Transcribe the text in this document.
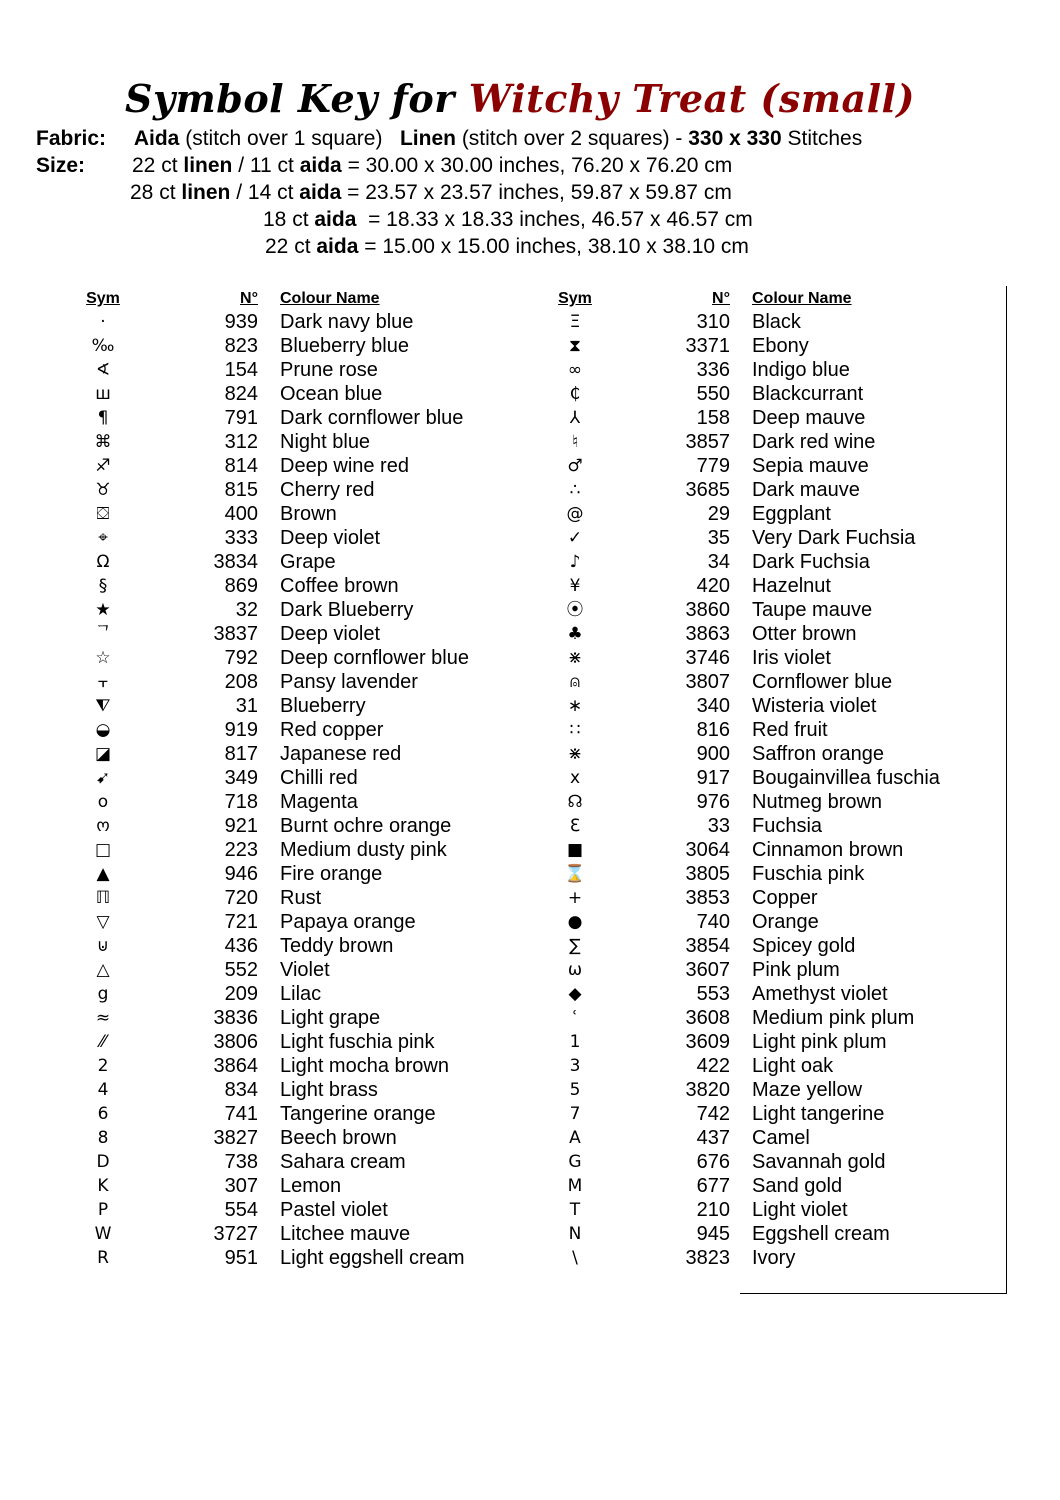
Symbol Key for Witchy Treat (small)
Fabric: Aida (stitch over 1 square) Linen (stitch over 2 squares) - 330 x 330 Stitches
Size: 22 ct linen / 11 ct aida = 30.00 x 30.00 inches, 76.20 x 76.20 cm
28 ct linen / 14 ct aida = 23.57 x 23.57 inches, 59.87 x 59.87 cm
18 ct aida  = 18.33 x 18.33 inches, 46.57 x 46.57 cm
22 ct aida = 15.00 x 15.00 inches, 38.10 x 38.10 cm
Sym	N°	Colour Name
·	939	Dark navy blue
‰	823	Blueberry blue
∢	154	Prune rose
ш	824	Ocean blue
¶	791	Dark cornflower blue
⌘	312	Night blue
♐	814	Deep wine red
♉	815	Cherry red
⛋	400	Brown
⌖	333	Deep violet
Ω	3834	Grape
§	869	Coffee brown
★	32	Dark Blueberry
ᄀ	3837	Deep violet
☆	792	Deep cornflower blue
⫟	208	Pansy lavender
⧨	31	Blueberry
◒	919	Red copper
◪	817	Japanese red
➹	349	Chilli red
o	718	Magenta
ო	921	Burnt ochre orange
□	223	Medium dusty pink
▲	946	Fire orange
ℿ	720	Rust
▽	721	Papaya orange
⊍	436	Teddy brown
△	552	Violet
g	209	Lilac
≈	3836	Light grape
⁄⁄	3806	Light fuschia pink
2	3864	Light mocha brown
4	834	Light brass
6	741	Tangerine orange
8	3827	Beech brown
D	738	Sahara cream
K	307	Lemon
P	554	Pastel violet
W	3727	Litchee mauve
R	951	Light eggshell cream
Sym	N°	Colour Name
Ξ	310	Black
⧗	3371	Ebony
∞	336	Indigo blue
₵	550	Blackcurrant
⅄	158	Deep mauve
♮	3857	Dark red wine
♂	779	Sepia mauve
∴	3685	Dark mauve
@	29	Eggplant
✓	35	Very Dark Fuchsia
♪	34	Dark Fuchsia
¥	420	Hazelnut
⦿	3860	Taupe mauve
♣	3863	Otter brown
⋇	3746	Iris violet
⍝	3807	Cornflower blue
∗	340	Wisteria violet
∷	816	Red fruit
⋇	900	Saffron orange
x	917	Bougainvillea fuschia
☊	976	Nutmeg brown
ℇ	33	Fuchsia
■	3064	Cinnamon brown
⌛	3805	Fuschia pink
+	3853	Copper
●	740	Orange
∑	3854	Spicey gold
ω	3607	Pink plum
◆	553	Amethyst violet
ʿ	3608	Medium pink plum
1	3609	Light pink plum
3	422	Light oak
5	3820	Maze yellow
7	742	Light tangerine
A	437	Camel
G	676	Savannah gold
M	677	Sand gold
T	210	Light violet
N	945	Eggshell cream
\	3823	Ivory
